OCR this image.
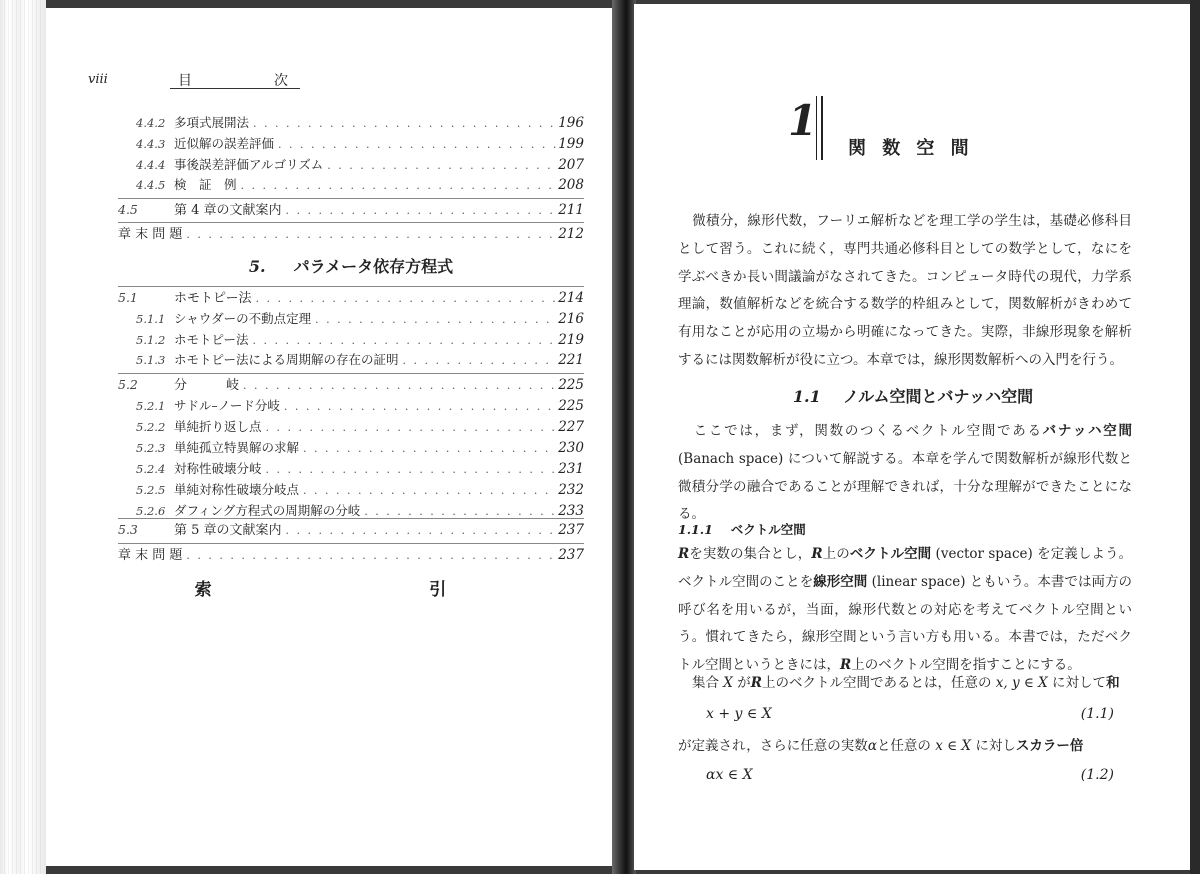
viii	目	次
4.4.2 多項式展開法 . . .	196
4.4.3 近似解の誤差評価 . . .	199
4.4.4 事後誤差評価アルゴリズム . . .	207
4.4.5 検　証　例 . . .	208
4.5	第 4 章の文献案内 . . .	211
章 末 問 題 . . .	212
5. パラメータ依存方程式
5.1	ホモトピー法 . . .	214
5.1.1 シャウダーの不動点定理 . . .	216
5.1.2 ホモトピー法 . . .	219
5.1.3 ホモトピー法による周期解の存在の証明 . . .	221
5.2	分　　　岐 . . .	225
5.2.1 サドル–ノード分岐 . . .	225
5.2.2 単純折り返し点 . . .	227
5.2.3 単純孤立特異解の求解 . . .	230
5.2.4 対称性破壊分岐 . . .	231
5.2.5 単純対称性破壊分岐点 . . .	232
5.2.6 ダフィング方程式の周期解の分岐 . . .	233
5.3	第 5 章の文献案内 . . .	237
章 末 問 題 . . .	237
索　　引
1
関数空間
微積分，線形代数，フーリエ解析などを理工学の学生は，基礎必修科目として習う。これに続く，専門共通必修科目としての数学として，なにを学ぶべきか長い間議論がなされてきた。コンピュータ時代の現代，力学系理論，数値解析などを統合する数学的枠組みとして，関数解析がきわめて有用なことが応用の立場から明確になってきた。実際，非線形現象を解析するには関数解析が役に立つ。本章では，線形関数解析への入門を行う。
1.1 ノルム空間とバナッハ空間
ここでは，まず，関数のつくるベクトル空間であるバナッハ空間 (Banach space) について解説する。本章を学んで関数解析が線形代数と微積分学の融合であることが理解できれば，十分な理解ができたことになる。
1.1.1 ベクトル空間
Rを実数の集合とし，R上のベクトル空間 (vector space) を定義しよう。ベクトル空間のことを線形空間 (linear space) ともいう。本書では両方の呼び名を用いるが，当面，線形代数との対応を考えてベクトル空間という。慣れてきたら，線形空間という言い方も用いる。本書では，ただベクトル空間というときには，R上のベクトル空間を指すことにする。
集合 X がR上のベクトル空間であるとは，任意の x, y ∈ X に対して和
x + y ∈ X	(1.1)
が定義され，さらに任意の実数αと任意の x ∈ X に対しスカラー倍
αx ∈ X	(1.2)
